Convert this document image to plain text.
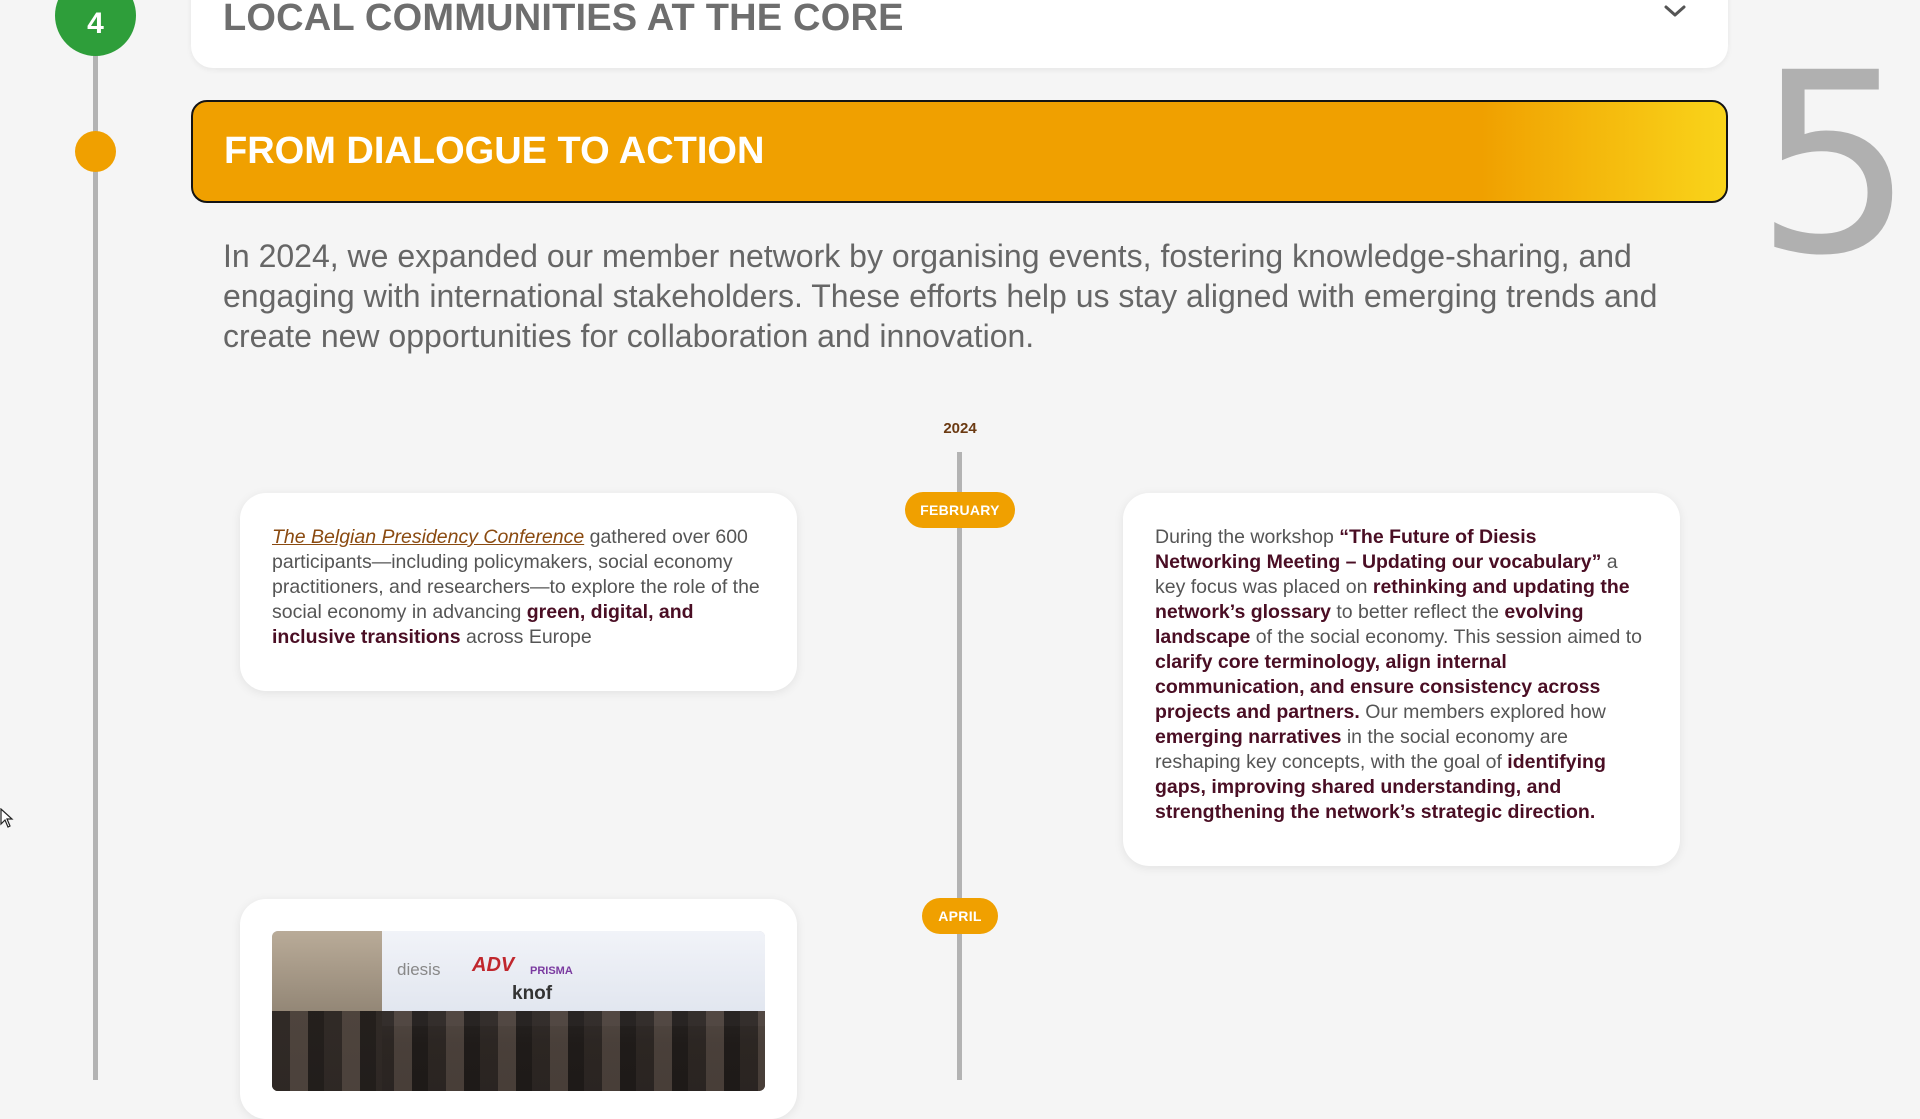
4	LOCAL COMMUNITIES AT THE CORE
FROM DIALOGUE TO ACTION	5
In 2024, we expanded our member network by organising events, fostering knowledge-sharing, and engaging with international stakeholders. These efforts help us stay aligned with emerging trends and create new opportunities for collaboration and innovation.
2024
FEBRUARY
APRIL
The Belgian Presidency Conference gathered over 600 participants—including policymakers, social economy practitioners, and researchers—to explore the role of the social economy in advancing green, digital, and inclusive transitions across Europe
During the workshop “The Future of Diesis Networking Meeting – Updating our vocabulary” a key focus was placed on rethinking and updating the network’s glossary to better reflect the evolving landscape of the social economy. This session aimed to clarify core terminology, align internal communication, and ensure consistency across projects and partners. Our members explored how emerging narratives in the social economy are reshaping key concepts, with the goal of identifying gaps, improving shared understanding, and strengthening the network’s strategic direction.
diesis ADV PRISMA
knof
